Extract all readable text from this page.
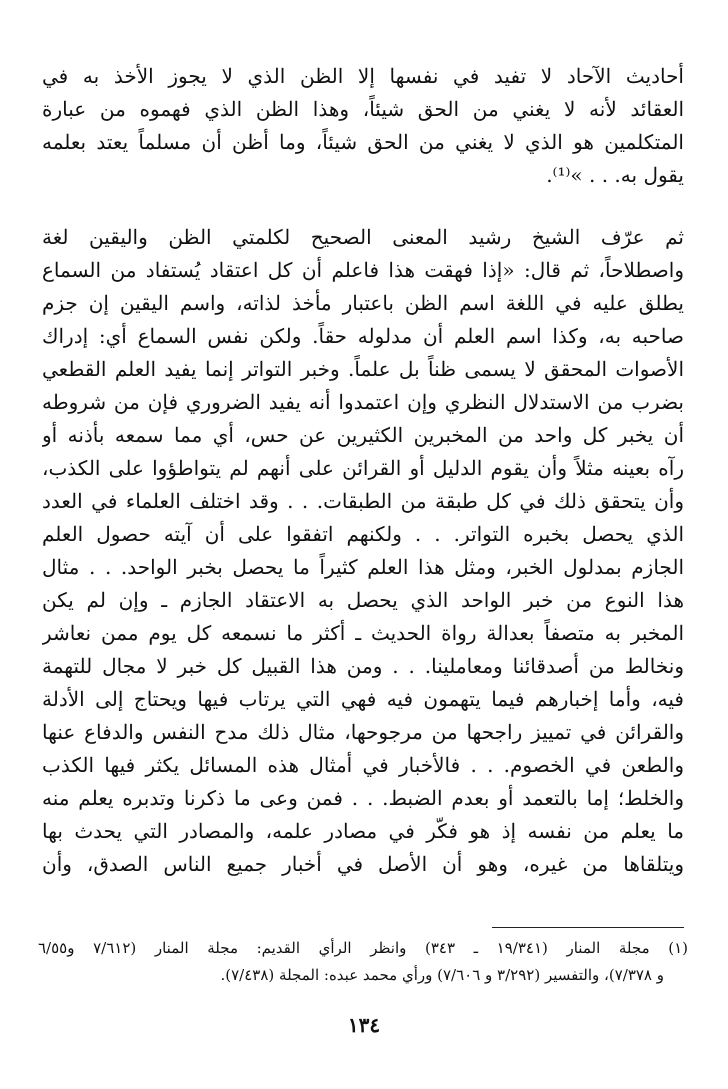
أحاديث الآحاد لا تفيد في نفسها إلا الظن الذي لا يجوز الأخذ به في
العقائد لأنه لا يغني من الحق شيئاً، وهذا الظن الذي فهموه من عبارة
المتكلمين هو الذي لا يغني من الحق شيئاً، وما أظن أن مسلماً يعتد بعلمه
يقول به. . . »⁽¹⁾.
ثم عرّف الشيخ رشيد المعنى الصحيح لكلمتي الظن واليقين لغة
واصطلاحاً، ثم قال: «إذا فهقت هذا فاعلم أن كل اعتقاد يُستفاد من السماع
يطلق عليه في اللغة اسم الظن باعتبار مأخذ لذاته، واسم اليقين إن جزم
صاحبه به، وكذا اسم العلم أن مدلوله حقاً. ولكن نفس السماع أي: إدراك
الأصوات المحقق لا يسمى ظناً بل علماً. وخبر التواتر إنما يفيد العلم القطعي
بضرب من الاستدلال النظري وإن اعتمدوا أنه يفيد الضروري فإن من شروطه
أن يخبر كل واحد من المخبرين الكثيرين عن حس، أي مما سمعه بأذنه أو
رآه بعينه مثلاً وأن يقوم الدليل أو القرائن على أنهم لم يتواطؤوا على الكذب،
وأن يتحقق ذلك في كل طبقة من الطبقات. . . وقد اختلف العلماء في العدد
الذي يحصل بخبره التواتر. . . ولكنهم اتفقوا على أن آيته حصول العلم
الجازم بمدلول الخبر، ومثل هذا العلم كثيراً ما يحصل بخبر الواحد. . . مثال
هذا النوع من خبر الواحد الذي يحصل به الاعتقاد الجازم ـ وإن لم يكن
المخبر به متصفاً بعدالة رواة الحديث ـ أكثر ما نسمعه كل يوم ممن نعاشر
ونخالط من أصدقائنا ومعاملينا. . . ومن هذا القبيل كل خبر لا مجال للتهمة
فيه، وأما إخبارهم فيما يتهمون فيه فهي التي يرتاب فيها ويحتاج إلى الأدلة
والقرائن في تمييز راجحها من مرجوحها، مثال ذلك مدح النفس والدفاع عنها
والطعن في الخصوم. . . فالأخبار في أمثال هذه المسائل يكثر فيها الكذب
والخلط؛ إما بالتعمد أو بعدم الضبط. . . فمن وعى ما ذكرنا وتدبره يعلم منه
ما يعلم من نفسه إذ هو فكّر في مصادر علمه، والمصادر التي يحدث بها
ويتلقاها من غيره، وهو أن الأصل في أخبار جميع الناس الصدق، وأن
(١) مجلة المنار (١٩/٣٤١ ـ ٣٤٣) وانظر الرأي القديم: مجلة المنار (٧/٦١٢ و٦/٥٥
و ٧/٣٧٨)، والتفسير (٣/٢٩٢ و ٧/٦٠٦) ورأي محمد عبده: المجلة (٧/٤٣٨).
١٣٤
